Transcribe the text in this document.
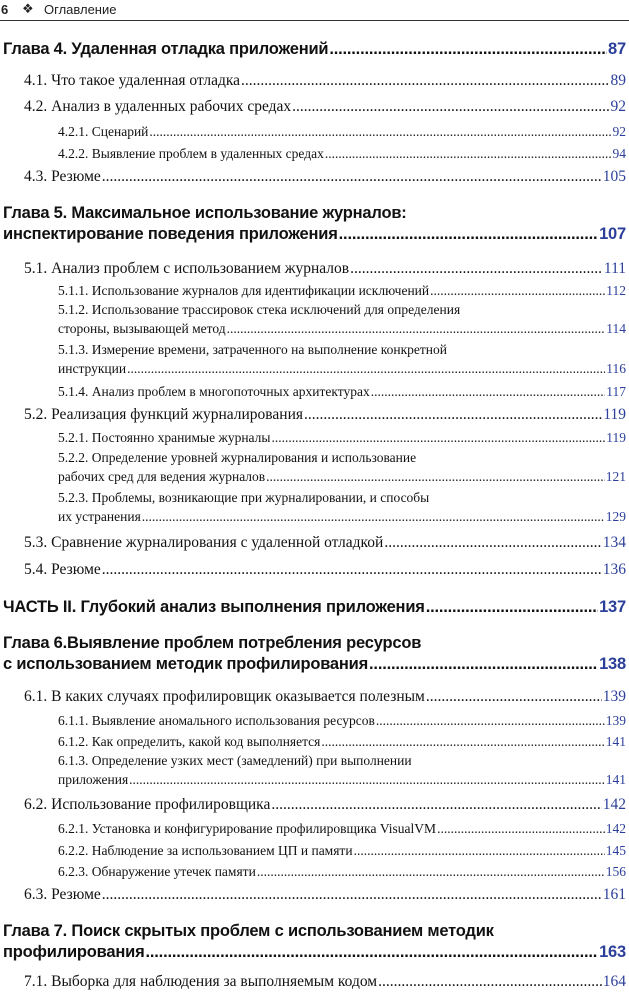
6 ❖ Оглавление
Глава 4. Удаленная отладка приложений .....	87
4.1. Что такое удаленная отладка .....	89
4.2. Анализ в удаленных рабочих средах .....	92
4.2.1. Сценарий .....	92
4.2.2. Выявление проблем в удаленных средах .....	94
4.3. Резюме .....	105
Глава 5. Максимальное использование журналов:
инспектирование поведения приложения .....	107
5.1. Анализ проблем с использованием журналов .....	111
5.1.1. Использование журналов для идентификации исключений .....	112
5.1.2. Использование трассировок стека исключений для определения
стороны, вызывающей метод .....	114
5.1.3. Измерение времени, затраченного на выполнение конкретной
инструкции .....	116
5.1.4. Анализ проблем в многопоточных архитектурах .....	117
5.2. Реализация функций журналирования .....	119
5.2.1. Постоянно хранимые журналы .....	119
5.2.2. Определение уровней журналирования и использование
рабочих сред для ведения журналов .....	121
5.2.3. Проблемы, возникающие при журналировании, и способы
их устранения .....	129
5.3. Сравнение журналирования с удаленной отладкой .....	134
5.4. Резюме .....	136
ЧАСТЬ II. Глубокий анализ выполнения приложения .....	137
Глава 6.Выявление проблем потребления ресурсов
с использованием методик профилирования .....	138
6.1. В каких случаях профилировщик оказывается полезным .....	139
6.1.1. Выявление аномального использования ресурсов .....	139
6.1.2. Как определить, какой код выполняется .....	141
6.1.3. Определение узких мест (замедлений) при выполнении
приложения .....	141
6.2. Использование профилировщика .....	142
6.2.1. Установка и конфигурирование профилировщика VisualVM .....	142
6.2.2. Наблюдение за использованием ЦП и памяти .....	145
6.2.3. Обнаружение утечек памяти .....	156
6.3. Резюме .....	161
Глава 7. Поиск скрытых проблем с использованием методик
профилирования .....	163
7.1. Выборка для наблюдения за выполняемым кодом .....	164
